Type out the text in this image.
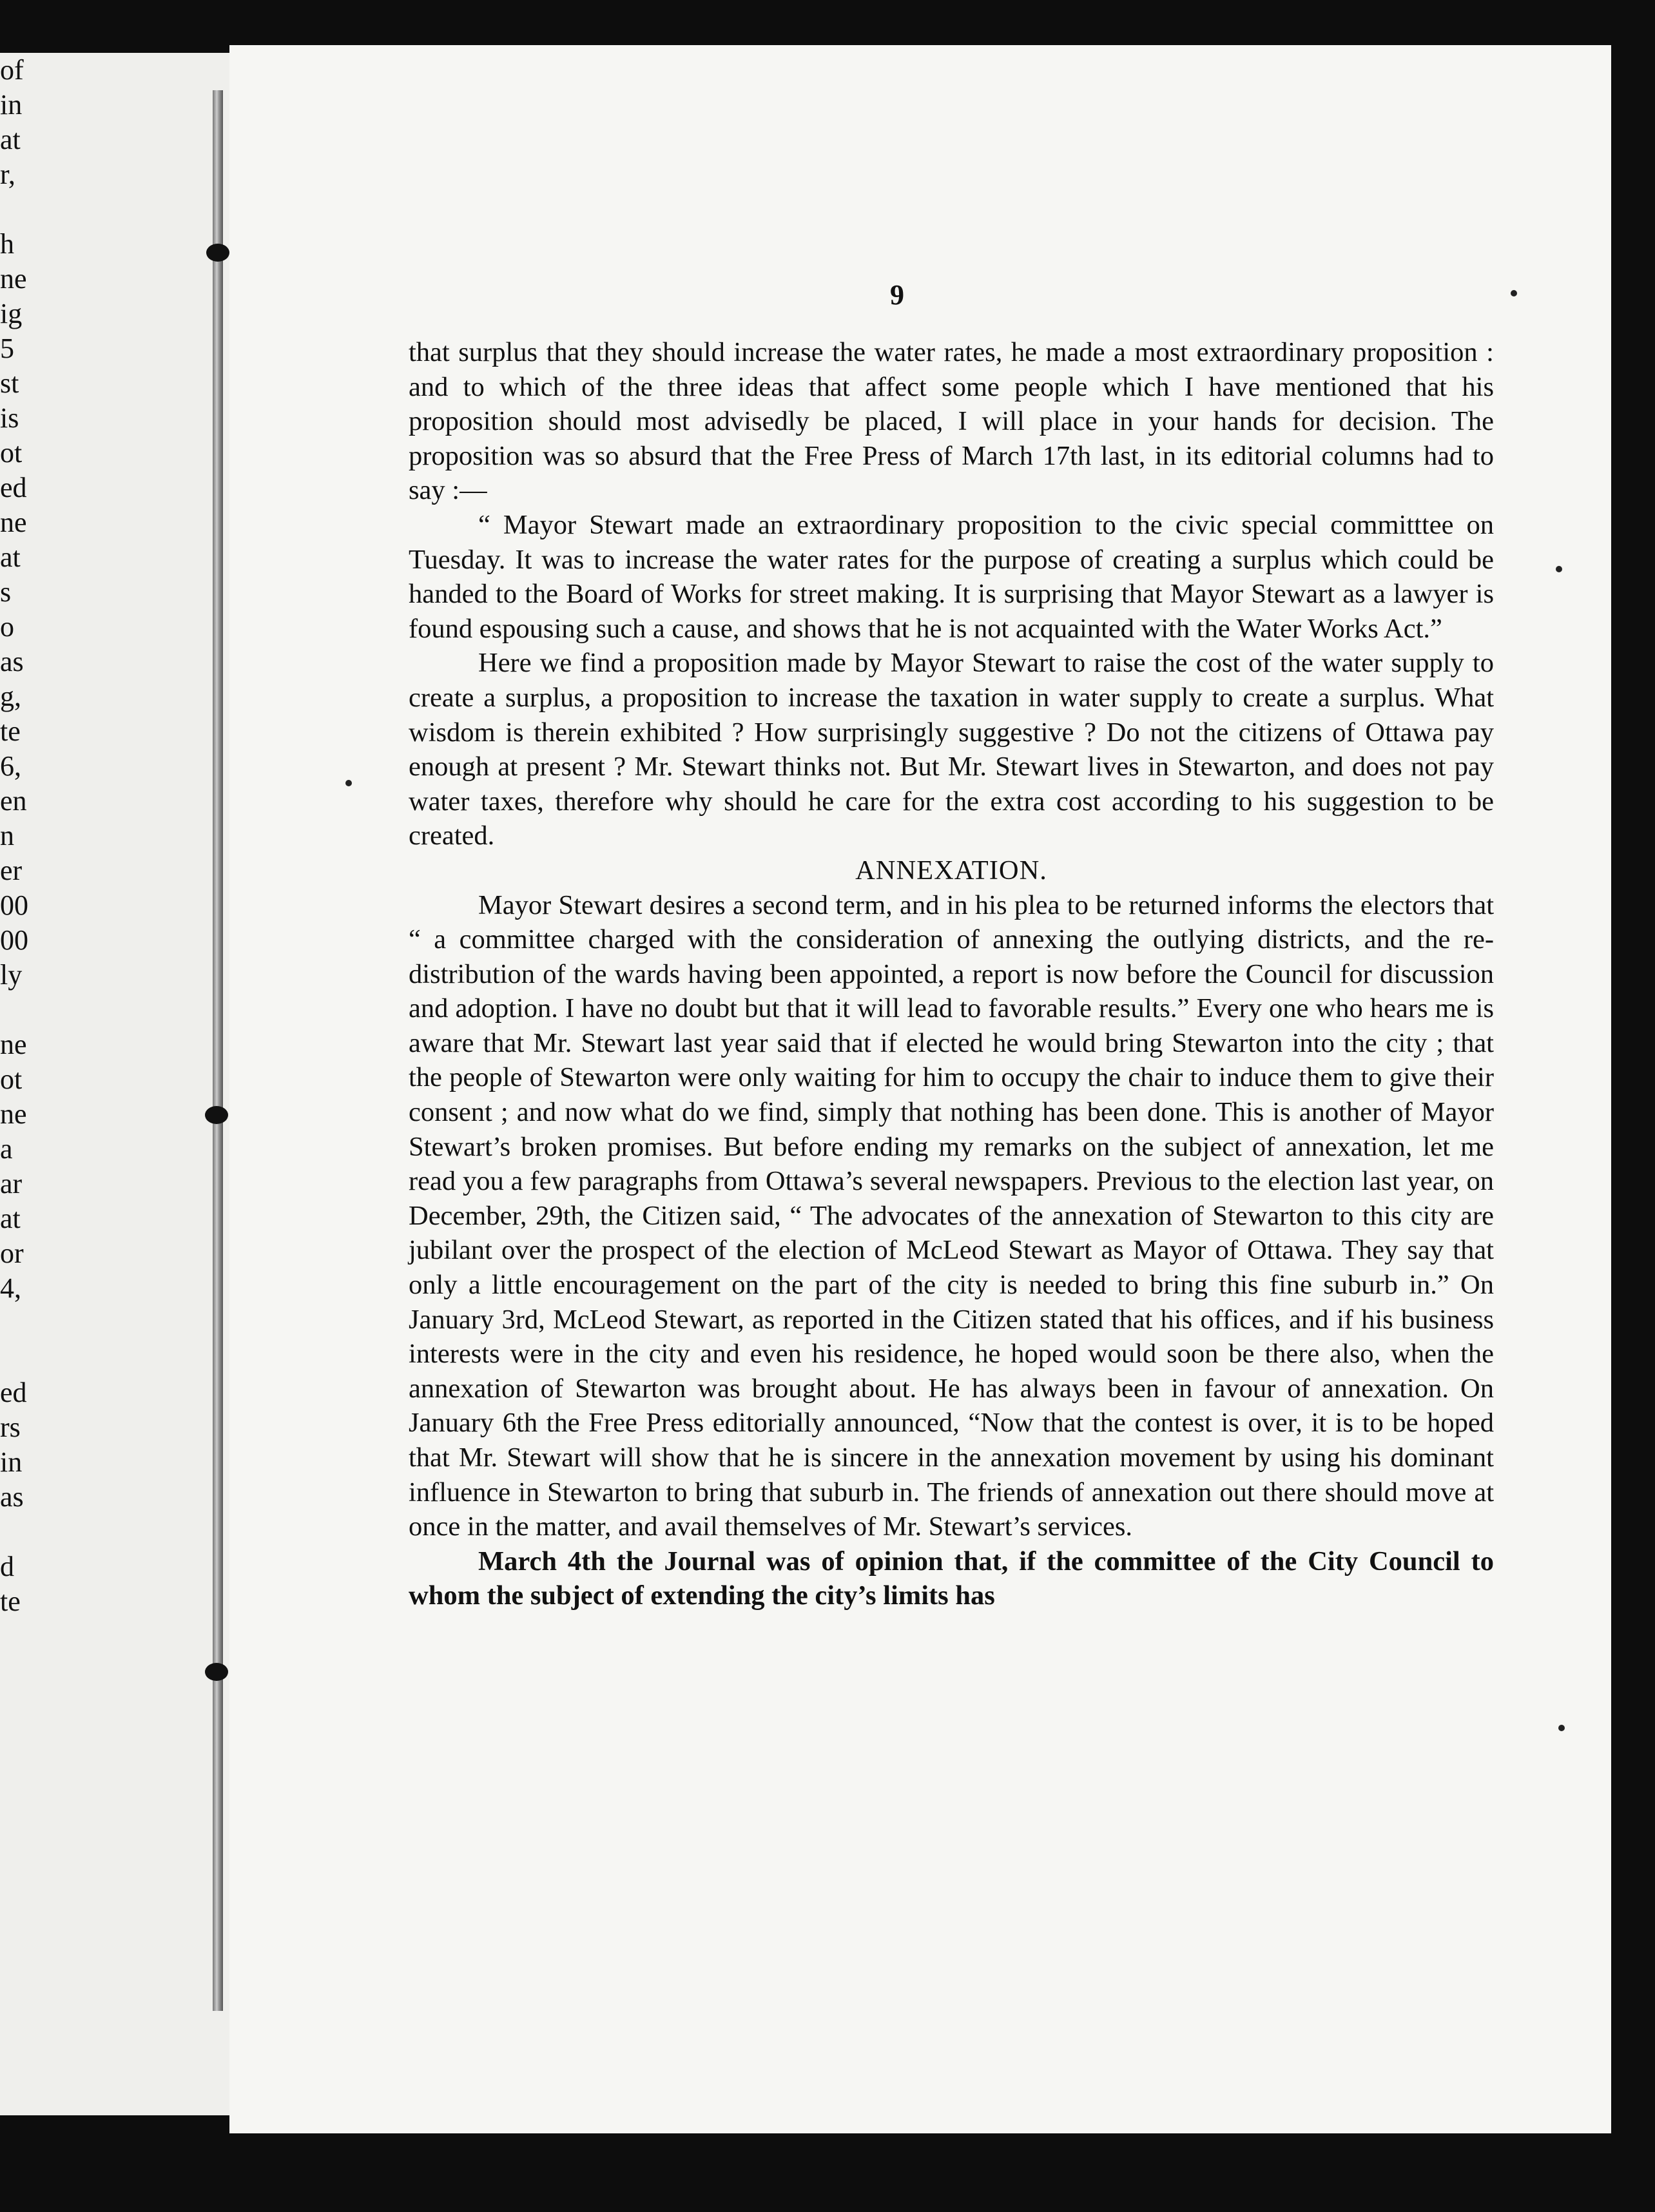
of
in
at
r,
h
ne
ig
5
st
is
ot
ed
ne
at
s
o
as
g,
te
6,
en
n
er
00
00
ly
ne
ot
ne
a
ar
at
or
4,
ed
rs
in
as
d
te
9

that surplus that they should increase the water rates, he made a most extraordinary proposition : and to which of the three ideas that affect some people which I have mentioned that his proposition should most advisedly be placed, I will place in your hands for decision. The proposition was so absurd that the Free Press of March 17th last, in its editorial columns had to say :—

“ Mayor Stewart made an extraordinary proposition to the civic special committtee on Tuesday. It was to increase the water rates for the purpose of creating a surplus which could be handed to the Board of Works for street making. It is surprising that Mayor Stewart as a lawyer is found espousing such a cause, and shows that he is not acquainted with the Water Works Act.”

Here we find a proposition made by Mayor Stewart to raise the cost of the water supply to create a surplus, a proposition to increase the taxation in water supply to create a surplus. What wisdom is therein exhibited ? How surprisingly suggestive ? Do not the citizens of Ottawa pay enough at present ? Mr. Stewart thinks not. But Mr. Stewart lives in Stewarton, and does not pay water taxes, therefore why should he care for the extra cost according to his suggestion to be created.

ANNEXATION.

Mayor Stewart desires a second term, and in his plea to be returned informs the electors that “ a committee charged with the consideration of annexing the outlying districts, and the re-distribution of the wards having been appointed, a report is now before the Council for discussion and adoption. I have no doubt but that it will lead to favorable results.” Every one who hears me is aware that Mr. Stewart last year said that if elected he would bring Stewarton into the city ; that the people of Stewarton were only waiting for him to occupy the chair to induce them to give their consent ; and now what do we find, simply that nothing has been done. This is another of Mayor Stewart’s broken promises. But before ending my remarks on the subject of annexation, let me read you a few paragraphs from Ottawa’s several newspapers. Previous to the election last year, on December, 29th, the Citizen said, “ The advocates of the annexation of Stewarton to this city are jubilant over the prospect of the election of McLeod Stewart as Mayor of Ottawa. They say that only a little encouragement on the part of the city is needed to bring this fine suburb in.” On January 3rd, McLeod Stewart, as reported in the Citizen stated that his offices, and if his business interests were in the city and even his residence, he hoped would soon be there also, when the annexation of Stewarton was brought about. He has always been in favour of annexation. On January 6th the Free Press editorially announced, “Now that the contest is over, it is to be hoped that Mr. Stewart will show that he is sincere in the annexation movement by using his dominant influence in Stewarton to bring that suburb in. The friends of annexation out there should move at once in the matter, and avail themselves of Mr. Stewart’s services.

March 4th the Journal was of opinion that, if the committee of the City Council to whom the subject of extending the city’s limits has
